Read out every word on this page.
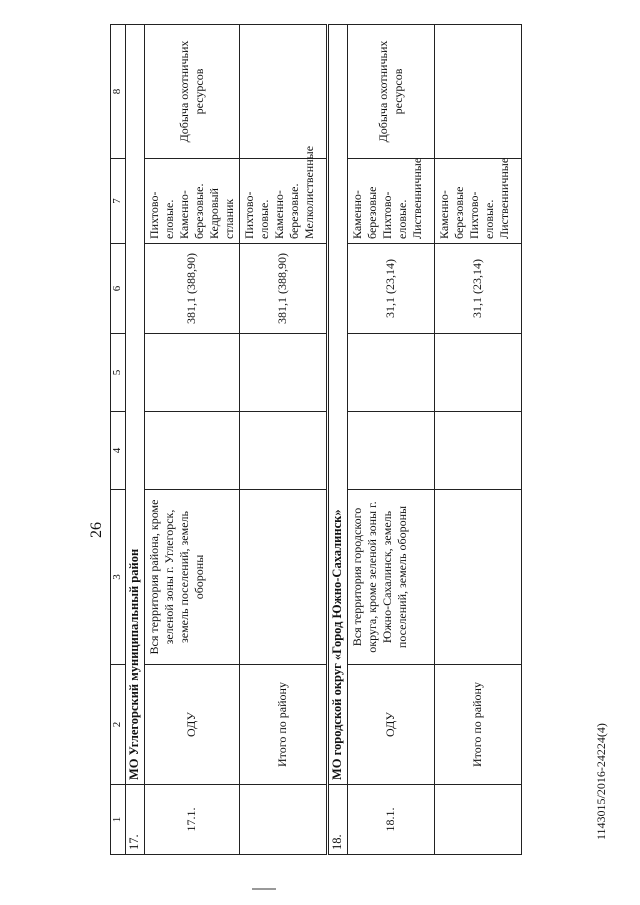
26
1	2	3	4	5	6	7	8
17.	МО Углегорский муниципальный район						
17.1.	ОДУ	Вся территория района, кроме зеленой зоны г. Углегорск, земель поселений, земель обороны			381,1 (388,90)	Пихтово-еловые. Каменно-березовые. Кедровый стланик	Добыча охотничьих ресурсов
	Итого по району				381,1 (388,90)	Пихтово-еловые. Каменно-березовые. Мелколиственные	
18.	МО городской округ «Город Южно-Сахалинск»						
18.1.	ОДУ	Вся территория городского округа, кроме зеленой зоны г. Южно-Сахалинск, земель поселений, земель обороны			31,1 (23,14)	Каменно-березовые Пихтово-еловые. Лиственничные	Добыча охотничьих ресурсов
	Итого по району				31,1 (23,14)	Каменно-березовые Пихтово-еловые. Лиственничные	
1143015/2016-24224(4)
